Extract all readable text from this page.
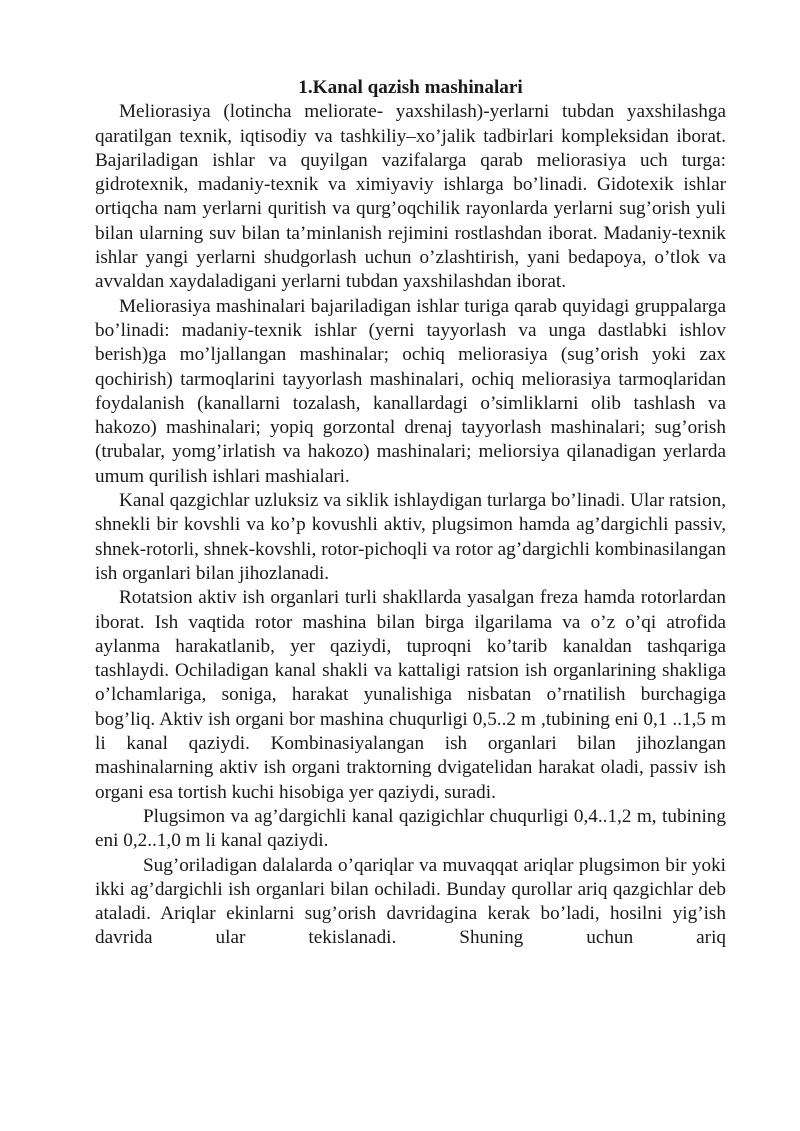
1.Kanal qazish mashinalari

Meliorasiya (lotincha meliorate- yaxshilash)-yerlarni tubdan yaxshilashga qaratilgan texnik, iqtisodiy va tashkiliy–xo’jalik tadbirlari kompleksidan iborat. Bajariladigan ishlar va quyilgan vazifalarga qarab meliorasiya uch turga: gidrotexnik, madaniy-texnik va ximiyaviy ishlarga bo’linadi. Gidotexik ishlar ortiqcha nam yerlarni quritish va qurg’oqchilik rayonlarda yerlarni sug’orish yuli bilan ularning suv bilan ta’minlanish rejimini rostlashdan iborat. Madaniy-texnik ishlar yangi yerlarni shudgorlash uchun o’zlashtirish, yani bedapoya, o’tlok va avvaldan xaydaladigani yerlarni tubdan yaxshilashdan iborat.

Meliorasiya mashinalari bajariladigan ishlar turiga qarab quyidagi gruppalarga bo’linadi: madaniy-texnik ishlar (yerni tayyorlash va unga dastlabki ishlov berish)ga mo’ljallangan mashinalar; ochiq meliorasiya (sug’orish yoki zax qochirish) tarmoqlarini tayyorlash mashinalari, ochiq meliorasiya tarmoqlaridan foydalanish (kanallarni tozalash, kanallardagi o’simliklarni olib tashlash va hakozo) mashinalari; yopiq gorzontal drenaj tayyorlash mashinalari; sug’orish (trubalar, yomg’irlatish va hakozo) mashinalari; meliorsiya qilanadigan yerlarda umum qurilish ishlari mashialari.

Kanal qazgichlar uzluksiz va siklik ishlaydigan turlarga bo’linadi. Ular ratsion, shnekli bir kovshli va ko’p kovushli aktiv, plugsimon hamda ag’dargichli passiv, shnek-rotorli, shnek-kovshli, rotor-pichoqli va rotor ag’dargichli kombinasilangan ish organlari bilan jihozlanadi.

Rotatsion aktiv ish organlari turli shakllarda yasalgan freza hamda rotorlardan iborat. Ish vaqtida rotor mashina bilan birga ilgarilama va o’z o’qi atrofida aylanma harakatlanib, yer qaziydi, tuproqni ko’tarib kanaldan tashqariga tashlaydi. Ochiladigan kanal shakli va kattaligi ratsion ish organlarining shakliga o’lchamlariga, soniga, harakat yunalishiga nisbatan o’rnatilish burchagiga bog’liq. Aktiv ish organi bor mashina chuqurligi 0,5..2 m ,tubining eni 0,1 ..1,5 m li kanal qaziydi. Kombinasiyalangan ish organlari bilan jihozlangan mashinalarning aktiv ish organi traktorning dvigatelidan harakat oladi, passiv ish organi esa tortish kuchi hisobiga yer qaziydi, suradi.

Plugsimon va ag’dargichli kanal qazigichlar chuqurligi 0,4..1,2 m, tubining eni 0,2..1,0 m li kanal qaziydi.

Sug’oriladigan dalalarda o’qariqlar va muvaqqat ariqlar plugsimon bir yoki ikki ag’dargichli ish organlari bilan ochiladi. Bunday qurollar ariq qazgichlar deb ataladi. Ariqlar ekinlarni sug’orish davridagina kerak bo’ladi, hosilni yig’ish davrida ular tekislanadi. Shuning uchun ariq
